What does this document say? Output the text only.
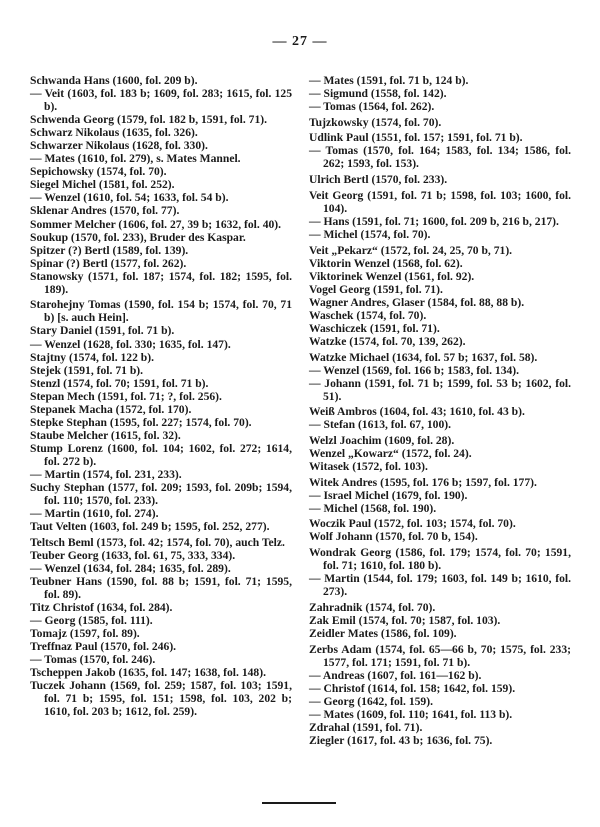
— 27 —

Schwanda Hans (1600, fol. 209 b).

— Veit (1603, fol. 183 b; 1609, fol. 283; 1615, fol. 125 b).

Schwenda Georg (1579, fol. 182 b, 1591, fol. 71).

Schwarz Nikolaus (1635, fol. 326).

Schwarzer Nikolaus (1628, fol. 330).

— Mates (1610, fol. 279), s. Mates Mannel.

Sepichowsky (1574, fol. 70).

Siegel Michel (1581, fol. 252).

— Wenzel (1610, fol. 54; 1633, fol. 54 b).

Sklenar Andres (1570, fol. 77).

Sommer Melcher (1606, fol. 27, 39 b; 1632, fol. 40).

Soukup (1570, fol. 233), Bruder des Kaspar.

Spitzer (?) Bertl (1589, fol. 139).

Spinar (?) Bertl (1577, fol. 262).

Stanowsky (1571, fol. 187; 1574, fol. 182; 1595, fol. 189).

Starohejny Tomas (1590, fol. 154 b; 1574, fol. 70, 71 b) [s. auch Hein].

Stary Daniel (1591, fol. 71 b).

— Wenzel (1628, fol. 330; 1635, fol. 147).

Stajtny (1574, fol. 122 b).

Stejek (1591, fol. 71 b).

Stenzl (1574, fol. 70; 1591, fol. 71 b).

Stepan Mech (1591, fol. 71; ?, fol. 256).

Stepanek Macha (1572, fol. 170).

Stepke Stephan (1595, fol. 227; 1574, fol. 70).

Staube Melcher (1615, fol. 32).

Stump Lorenz (1600, fol. 104; 1602, fol. 272; 1614, fol. 272 b).

— Martin (1574, fol. 231, 233).

Suchy Stephan (1577, fol. 209; 1593, fol. 209b; 1594, fol. 110; 1570, fol. 233).

— Martin (1610, fol. 274).

Taut Velten (1603, fol. 249 b; 1595, fol. 252, 277).

Teltsch Beml (1573, fol. 42; 1574, fol. 70), auch Telz.

Teuber Georg (1633, fol. 61, 75, 333, 334).

— Wenzel (1634, fol. 284; 1635, fol. 289).

Teubner Hans (1590, fol. 88 b; 1591, fol. 71; 1595, fol. 89).

Titz Christof (1634, fol. 284).

— Georg (1585, fol. 111).

Tomajz (1597, fol. 89).

Treffnaz Paul (1570, fol. 246).

— Tomas (1570, fol. 246).

Tscheppen Jakob (1635, fol. 147; 1638, fol. 148).

Tuczek Johann (1569, fol. 259; 1587, fol. 103; 1591, fol. 71 b; 1595, fol. 151; 1598, fol. 103, 202 b; 1610, fol. 203 b; 1612, fol. 259).

— Mates (1591, fol. 71 b, 124 b).

— Sigmund (1558, fol. 142).

— Tomas (1564, fol. 262).

Tujzkowsky (1574, fol. 70).

Udlink Paul (1551, fol. 157; 1591, fol. 71 b).

— Tomas (1570, fol. 164; 1583, fol. 134; 1586, fol. 262; 1593, fol. 153).

Ulrich Bertl (1570, fol. 233).

Veit Georg (1591, fol. 71 b; 1598, fol. 103; 1600, fol. 104).

— Hans (1591, fol. 71; 1600, fol. 209 b, 216 b, 217).

— Michel (1574, fol. 70).

Veit „Pekarz“ (1572, fol. 24, 25, 70 b, 71).

Viktorin Wenzel (1568, fol. 62).

Viktorinek Wenzel (1561, fol. 92).

Vogel Georg (1591, fol. 71).

Wagner Andres, Glaser (1584, fol. 88, 88 b).

Waschek (1574, fol. 70).

Waschiczek (1591, fol. 71).

Watzke (1574, fol. 70, 139, 262).

Watzke Michael (1634, fol. 57 b; 1637, fol. 58).

— Wenzel (1569, fol. 166 b; 1583, fol. 134).

— Johann (1591, fol. 71 b; 1599, fol. 53 b; 1602, fol. 51).

Weiß Ambros (1604, fol. 43; 1610, fol. 43 b).

— Stefan (1613, fol. 67, 100).

Welzl Joachim (1609, fol. 28).

Wenzel „Kowarz“ (1572, fol. 24).

Witasek (1572, fol. 103).

Witek Andres (1595, fol. 176 b; 1597, fol. 177).

— Israel Michel (1679, fol. 190).

— Michel (1568, fol. 190).

Woczik Paul (1572, fol. 103; 1574, fol. 70).

Wolf Johann (1570, fol. 70 b, 154).

Wondrak Georg (1586, fol. 179; 1574, fol. 70; 1591, fol. 71; 1610, fol. 180 b).

— Martin (1544, fol. 179; 1603, fol. 149 b; 1610, fol. 273).

Zahradnik (1574, fol. 70).

Zak Emil (1574, fol. 70; 1587, fol. 103).

Zeidler Mates (1586, fol. 109).

Zerbs Adam (1574, fol. 65—66 b, 70; 1575, fol. 233; 1577, fol. 171; 1591, fol. 71 b).

— Andreas (1607, fol. 161—162 b).

— Christof (1614, fol. 158; 1642, fol. 159).

— Georg (1642, fol. 159).

— Mates (1609, fol. 110; 1641, fol. 113 b).

Zdrahal (1591, fol. 71).

Ziegler (1617, fol. 43 b; 1636, fol. 75).
